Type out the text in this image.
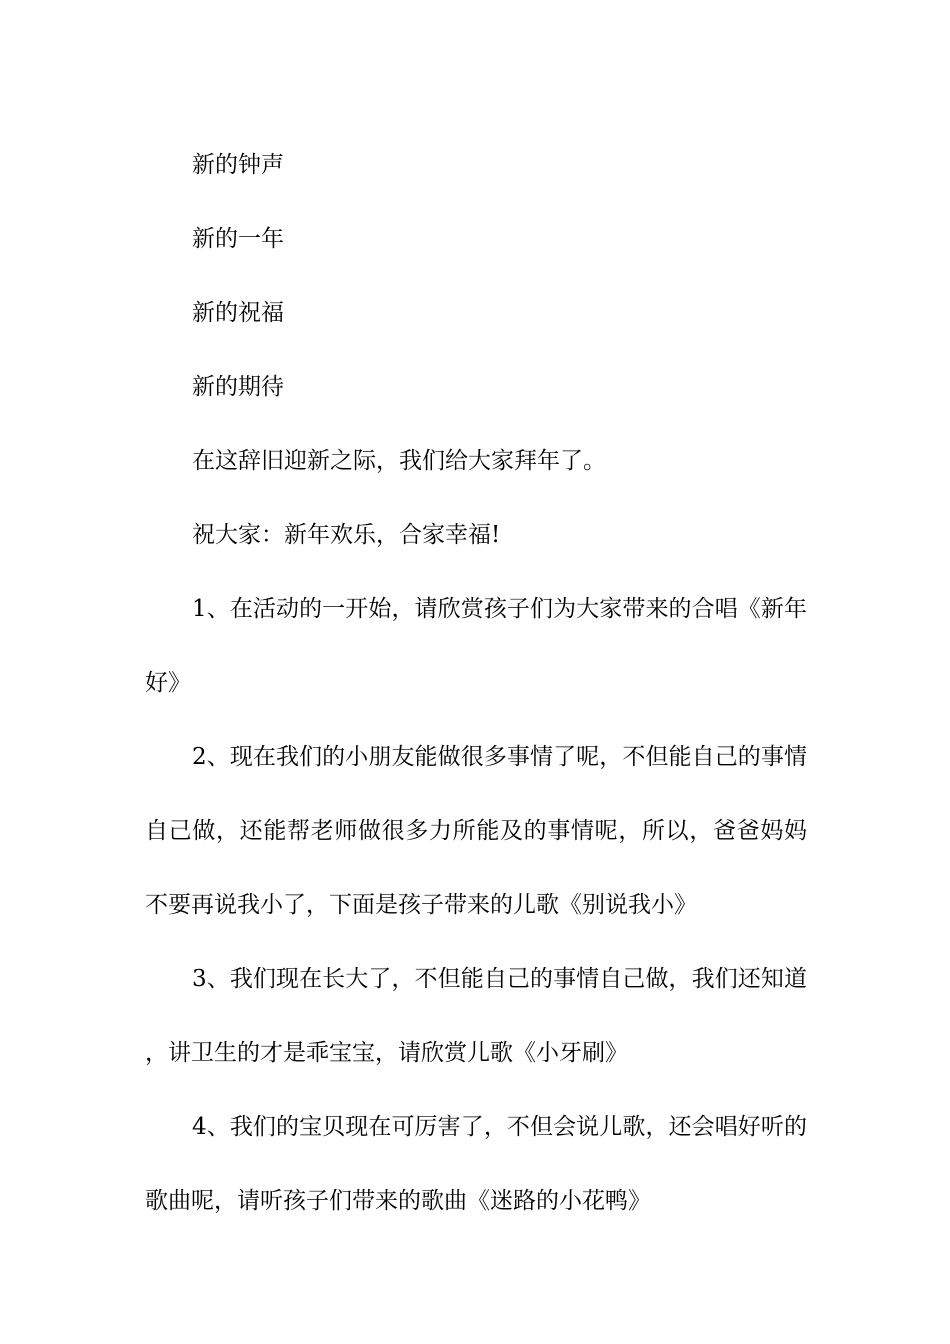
新的钟声

新的一年

新的祝福

新的期待

在这辞旧迎新之际，我们给大家拜年了。

祝大家：新年欢乐，合家幸福!

1、在活动的一开始，请欣赏孩子们为大家带来的合唱《新年好》

2、现在我们的小朋友能做很多事情了呢，不但能自己的事情自己做，还能帮老师做很多力所能及的事情呢，所以，爸爸妈妈不要再说我小了，下面是孩子带来的儿歌《别说我小》

3、我们现在长大了，不但能自己的事情自己做，我们还知道，讲卫生的才是乖宝宝，请欣赏儿歌《小牙刷》

4、我们的宝贝现在可厉害了，不但会说儿歌，还会唱好听的歌曲呢，请听孩子们带来的歌曲《迷路的小花鸭》
